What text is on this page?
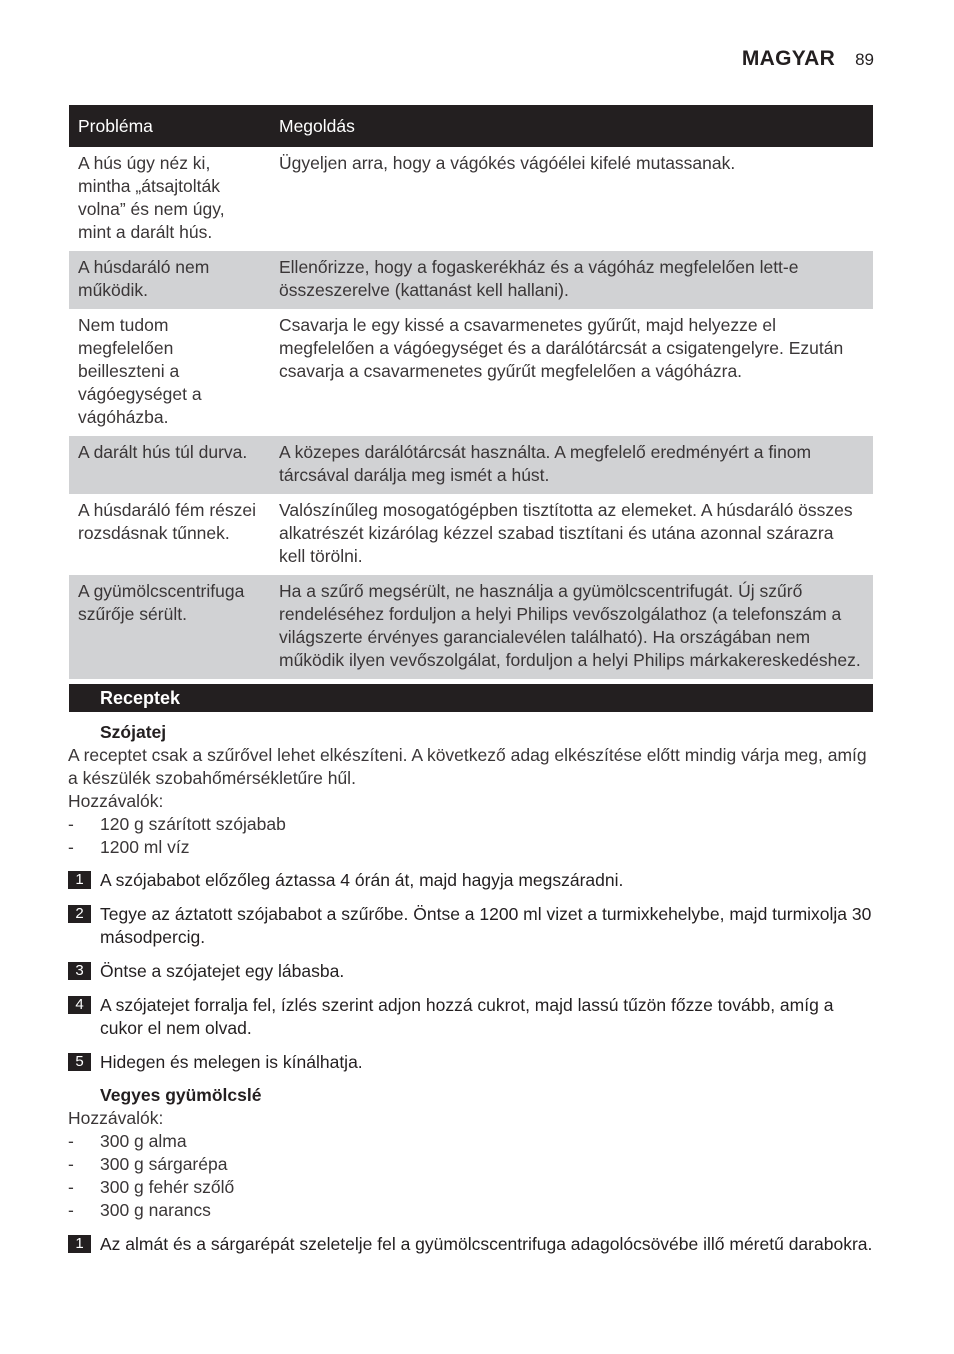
MAGYAR 89
Probléma	Megoldás
A hús úgy néz ki, mintha „átsajtolták volna” és nem úgy, mint a darált hús.	Ügyeljen arra, hogy a vágókés vágóélei kifelé mutassanak.
A húsdaráló nem működik.	Ellenőrizze, hogy a fogaskerékház és a vágóház megfelelően lett-e összeszerelve (kattanást kell hallani).
Nem tudom megfelelően beilleszteni a vágóegységet a vágóházba.	Csavarja le egy kissé a csavarmenetes gyűrűt, majd helyezze el megfelelően a vágóegységet és a darálótárcsát a csigatengelyre. Ezután csavarja a csavarmenetes gyűrűt megfelelően a vágóházra.
A darált hús túl durva.	A közepes darálótárcsát használta. A megfelelő eredményért a finom tárcsával darálja meg ismét a húst.
A húsdaráló fém részei rozsdásnak tűnnek.	Valószínűleg mosogatógépben tisztította az elemeket. A húsdaráló összes alkatrészét kizárólag kézzel szabad tisztítani és utána azonnal szárazra kell törölni.
A gyümölcscentrifuga szűrője sérült.	Ha a szűrő megsérült, ne használja a gyümölcscentrifugát. Új szűrő rendeléséhez forduljon a helyi Philips vevőszolgálathoz (a telefonszám a világszerte érvényes garancialevélen található). Ha országában nem működik ilyen vevőszolgálat, forduljon a helyi Philips márkakereskedéshez.
Receptek
Szójatej
A receptet csak a szűrővel lehet elkészíteni. A következő adag elkészítése előtt mindig várja meg, amíg a készülék szobahőmérsékletűre hűl.
Hozzávalók:
-	120 g szárított szójabab
-	1200 ml víz
1 A szójababot előzőleg áztassa 4 órán át, majd hagyja megszáradni.
2 Tegye az áztatott szójababot a szűrőbe. Öntse a 1200 ml vizet a turmixkehelybe, majd turmixolja 30 másodpercig.
3 Öntse a szójatejet egy lábasba.
4 A szójatejet forralja fel, ízlés szerint adjon hozzá cukrot, majd lassú tűzön főzze tovább, amíg a cukor el nem olvad.
5 Hidegen és melegen is kínálhatja.
Vegyes gyümölcslé
Hozzávalók:
-	300 g alma
-	300 g sárgarépa
-	300 g fehér szőlő
-	300 g narancs
1 Az almát és a sárgarépát szeletelje fel a gyümölcscentrifuga adagolócsövébe illő méretű darabokra.
